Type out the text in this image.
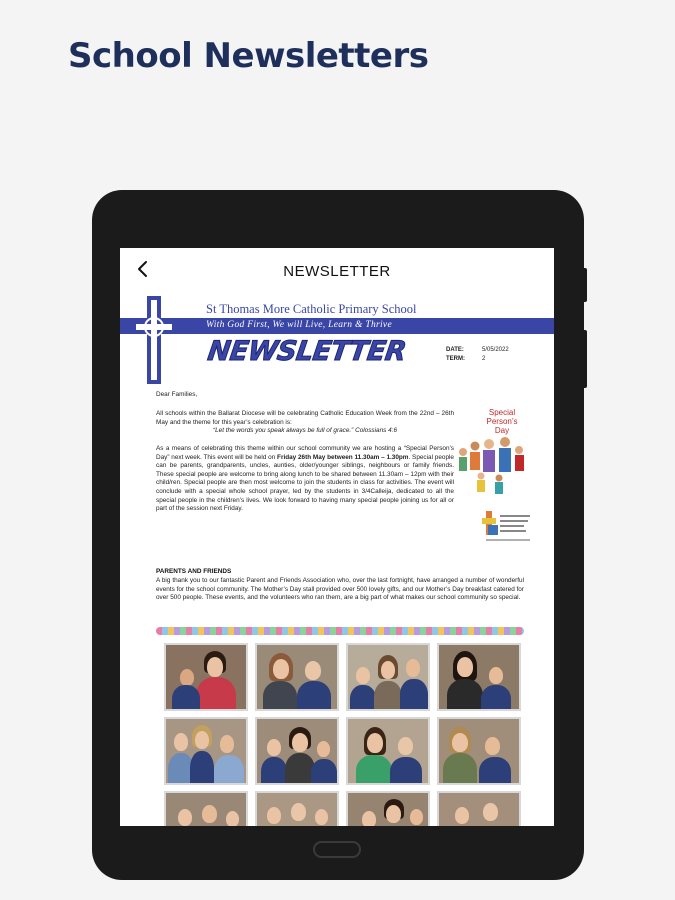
School Newsletters
NEWSLETTER
St Thomas More Catholic Primary School
With God First, We will Live, Learn & Thrive
NEWSLETTER	DATE:	5/05/2022
TERM:	2
Dear Families,
All schools within the Ballarat Diocese will be celebrating Catholic Education Week from the 22nd – 26th May and the theme for this year’s celebration is:
“Let the words you speak always be full of grace.” Colossians 4:6
As a means of celebrating this theme within our school community we are hosting a “Special Person’s Day” next week. This event will be held on Friday 26th May between 11.30am – 1.30pm. Special people can be parents, grandparents, uncles, aunties, older/younger siblings, neighbours or family friends. These special people are welcome to bring along lunch to be shared between 11.30am – 12pm with their child/ren. Special people are then most welcome to join the students in class for activities. The event will conclude with a special whole school prayer, led by the students in 3/4Calleija, dedicated to all the special people in the children’s lives. We look forward to having many special people joining us for all or part of the session next Friday.
Special Person’s Day
PARENTS AND FRIENDS
A big thank you to our fantastic Parent and Friends Association who, over the last fortnight, have arranged a number of wonderful events for the school community. The Mother’s Day stall provided over 500 lovely gifts, and our Mother’s Day breakfast catered for over 500 people. These events, and the volunteers who ran them, are a big part of what makes our school community so special.
